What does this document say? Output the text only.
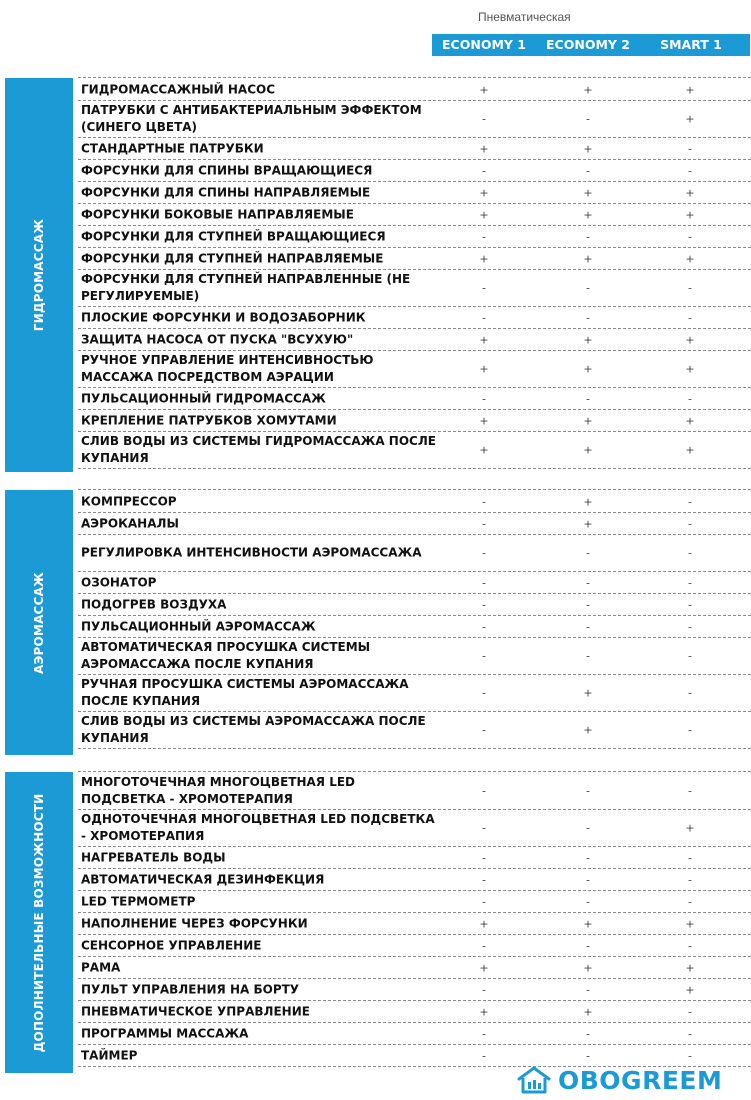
Пневматическая
ECONOMY 1	ECONOMY 2	SMART 1
ГИДРОМАССАЖ
ГИДРОМАССАЖНЫЙ НАСОС	+	+	+
ПАТРУБКИ С АНТИБАКТЕРИАЛЬНЫМ ЭФФЕКТОМ (СИНЕГО ЦВЕТА)
-	-	+
СТАНДАРТНЫЕ ПАТРУБКИ	+	+	-
ФОРСУНКИ ДЛЯ СПИНЫ ВРАЩАЮЩИЕСЯ	-	-	-
ФОРСУНКИ ДЛЯ СПИНЫ НАПРАВЛЯЕМЫЕ	+	+	+
ФОРСУНКИ БОКОВЫЕ НАПРАВЛЯЕМЫЕ	+	+	+
ФОРСУНКИ ДЛЯ СТУПНЕЙ ВРАЩАЮЩИЕСЯ	-	-	-
ФОРСУНКИ ДЛЯ СТУПНЕЙ НАПРАВЛЯЕМЫЕ	+	+	+
ФОРСУНКИ ДЛЯ СТУПНЕЙ НАПРАВЛЕННЫЕ (НЕ РЕГУЛИРУЕМЫЕ)
-	-	-
ПЛОСКИЕ ФОРСУНКИ И ВОДОЗАБОРНИК	-	-	-
ЗАЩИТА НАСОСА ОТ ПУСКА "ВСУХУЮ"	+	+	+
РУЧНОЕ УПРАВЛЕНИЕ ИНТЕНСИВНОСТЬЮ МАССАЖА ПОСРЕДСТВОМ АЭРАЦИИ
+	+	+
ПУЛЬСАЦИОННЫЙ ГИДРОМАССАЖ	-	-	-
КРЕПЛЕНИЕ ПАТРУБКОВ ХОМУТАМИ	+	+	+
СЛИВ ВОДЫ ИЗ СИСТЕМЫ ГИДРОМАССАЖА ПОСЛЕ КУПАНИЯ
+	+	+
АЭРОМАССАЖ
КОМПРЕССОР	-	+	-
АЭРОКАНАЛЫ	-	+	-
РЕГУЛИРОВКА ИНТЕНСИВНОСТИ АЭРОМАССАЖА	-	-	-
ОЗОНАТОР	-	-	-
ПОДОГРЕВ ВОЗДУХА	-	-	-
ПУЛЬСАЦИОННЫЙ АЭРОМАССАЖ	-	-	-
АВТОМАТИЧЕСКАЯ ПРОСУШКА СИСТЕМЫ АЭРОМАССАЖА ПОСЛЕ КУПАНИЯ
-	-	-
РУЧНАЯ ПРОСУШКА СИСТЕМЫ АЭРОМАССАЖА ПОСЛЕ КУПАНИЯ
-	+	-
СЛИВ ВОДЫ ИЗ СИСТЕМЫ АЭРОМАССАЖА ПОСЛЕ КУПАНИЯ
-	+	-
ДОПОЛНИТЕЛЬНЫЕ ВОЗМОЖНОСТИ
МНОГОТОЧЕЧНАЯ МНОГОЦВЕТНАЯ LED ПОДСВЕТКА - ХРОМОТЕРАПИЯ
-	-	-
ОДНОТОЧЕЧНАЯ МНОГОЦВЕТНАЯ LED ПОДСВЕТКА - ХРОМОТЕРАПИЯ
-	-	+
НАГРЕВАТЕЛЬ ВОДЫ	-	-	-
АВТОМАТИЧЕСКАЯ ДЕЗИНФЕКЦИЯ	-	-	-
LED ТЕРМОМЕТР	-	-	-
НАПОЛНЕНИЕ ЧЕРЕЗ ФОРСУНКИ	+	+	+
СЕНСОРНОЕ УПРАВЛЕНИЕ	-	-	-
РАМА	+	+	+
ПУЛЬТ УПРАВЛЕНИЯ НА БОРТУ	-	-	+
ПНЕВМАТИЧЕСКОЕ УПРАВЛЕНИЕ	+	+	-
ПРОГРАММЫ МАССАЖА	-	-	-
ТАЙМЕР	-	-	-
OBOGREEM
